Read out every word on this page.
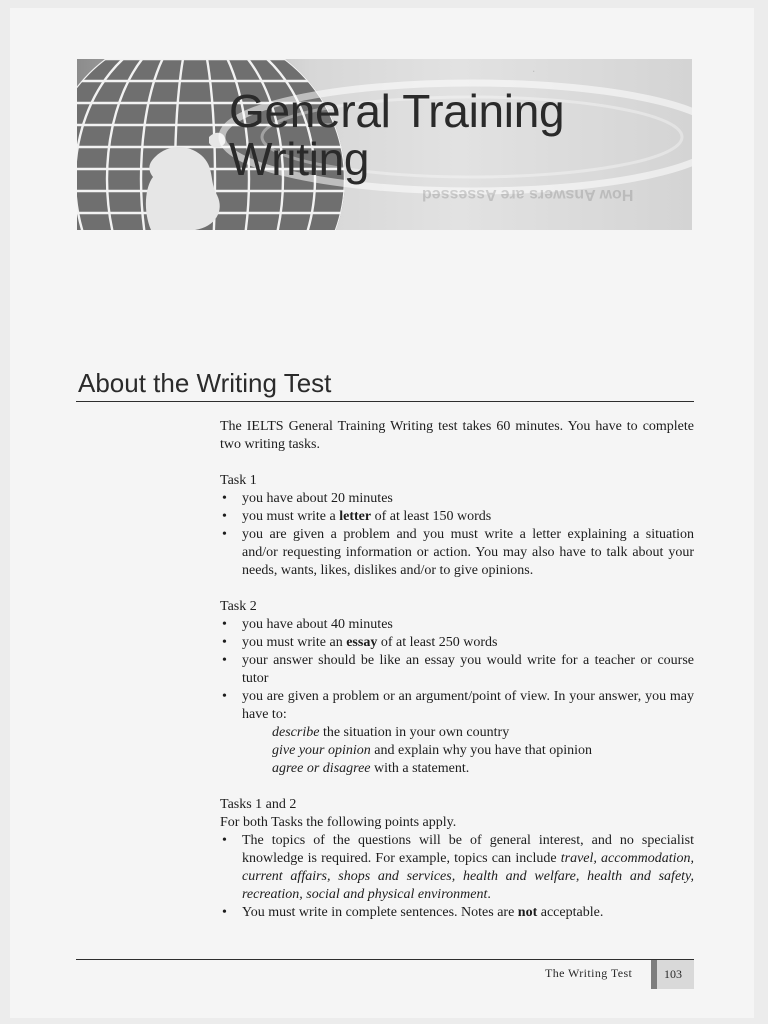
.
How Answers are Assessed
General Training
Writing
About the Writing Test

The IELTS General Training Writing test takes 60 minutes. You have to complete two writing tasks.

Task 1

• you have about 20 minutes
• you must write a letter of at least 150 words
• you are given a problem and you must write a letter explaining a situation and/or requesting information or action. You may also have to talk about your needs, wants, likes, dislikes and/or to give opinions.

Task 2

• you have about 40 minutes
• you must write an essay of at least 250 words
• your answer should be like an essay you would write for a teacher or course tutor
• you are given a problem or an argument/point of view. In your answer, you may have to:
describe the situation in your own country
give your opinion and explain why you have that opinion
agree or disagree with a statement.

Tasks 1 and 2

For both Tasks the following points apply.

• The topics of the questions will be of general interest, and no specialist knowledge is required. For example, topics can include travel, accommodation, current affairs, shops and services, health and welfare, health and safety, recreation, social and physical environment.
• You must write in complete sentences. Notes are not acceptable.
The Writing Test	103
